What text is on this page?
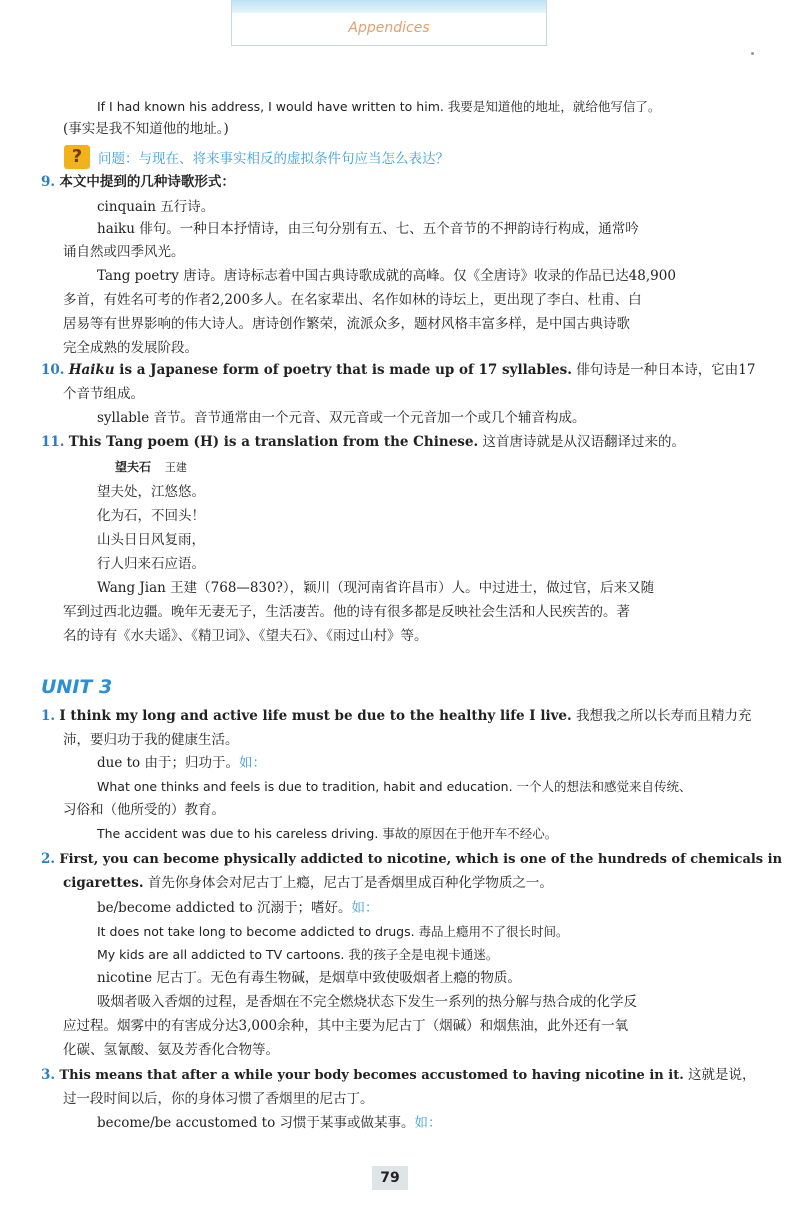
Appendices
If I had known his address, I would have written to him. 我要是知道他的地址，就给他写信了。
(事实是我不知道他的地址。)
?	问题：与现在、将来事实相反的虚拟条件句应当怎么表达？
9. 本文中提到的几种诗歌形式：
cinquain 五行诗。
haiku 俳句。一种日本抒情诗，由三句分别有五、七、五个音节的不押韵诗行构成，通常吟
诵自然或四季风光。
Tang poetry 唐诗。唐诗标志着中国古典诗歌成就的高峰。仅《全唐诗》收录的作品已达48,900
多首，有姓名可考的作者2,200多人。在名家辈出、名作如林的诗坛上，更出现了李白、杜甫、白
居易等有世界影响的伟大诗人。唐诗创作繁荣，流派众多，题材风格丰富多样，是中国古典诗歌
完全成熟的发展阶段。
10. Haiku is a Japanese form of poetry that is made up of 17 syllables. 俳句诗是一种日本诗，它由17
个音节组成。
syllable 音节。音节通常由一个元音、双元音或一个元音加一个或几个辅音构成。
11. This Tang poem (H) is a translation from the Chinese. 这首唐诗就是从汉语翻译过来的。
望夫石 王建
望夫处，江悠悠。
化为石，不回头！
山头日日风复雨，
行人归来石应语。
Wang Jian 王建（768—830?），颖川（现河南省许昌市）人。中过进士，做过官，后来又随
军到过西北边疆。晚年无妻无子，生活凄苦。他的诗有很多都是反映社会生活和人民疾苦的。著
名的诗有《水夫谣》、《精卫词》、《望夫石》、《雨过山村》等。
UNIT 3
1. I think my long and active life must be due to the healthy life I live. 我想我之所以长寿而且精力充
沛，要归功于我的健康生活。
due to 由于；归功于。如：
What one thinks and feels is due to tradition, habit and education. 一个人的想法和感觉来自传统、
习俗和（他所受的）教育。
The accident was due to his careless driving. 事故的原因在于他开车不经心。
2. First, you can become physically addicted to nicotine, which is one of the hundreds of chemicals in
cigarettes. 首先你身体会对尼古丁上瘾，尼古丁是香烟里成百种化学物质之一。
be/become addicted to 沉溺于；嗜好。如：
It does not take long to become addicted to drugs. 毒品上瘾用不了很长时间。
My kids are all addicted to TV cartoons. 我的孩子全是电视卡通迷。
nicotine 尼古丁。无色有毒生物碱，是烟草中致使吸烟者上瘾的物质。
吸烟者吸入香烟的过程，是香烟在不完全燃烧状态下发生一系列的热分解与热合成的化学反
应过程。烟雾中的有害成分达3,000余种，其中主要为尼古丁（烟碱）和烟焦油，此外还有一氧
化碳、氢氰酸、氨及芳香化合物等。
3. This means that after a while your body becomes accustomed to having nicotine in it. 这就是说，
过一段时间以后，你的身体习惯了香烟里的尼古丁。
become/be accustomed to 习惯于某事或做某事。如：
79
